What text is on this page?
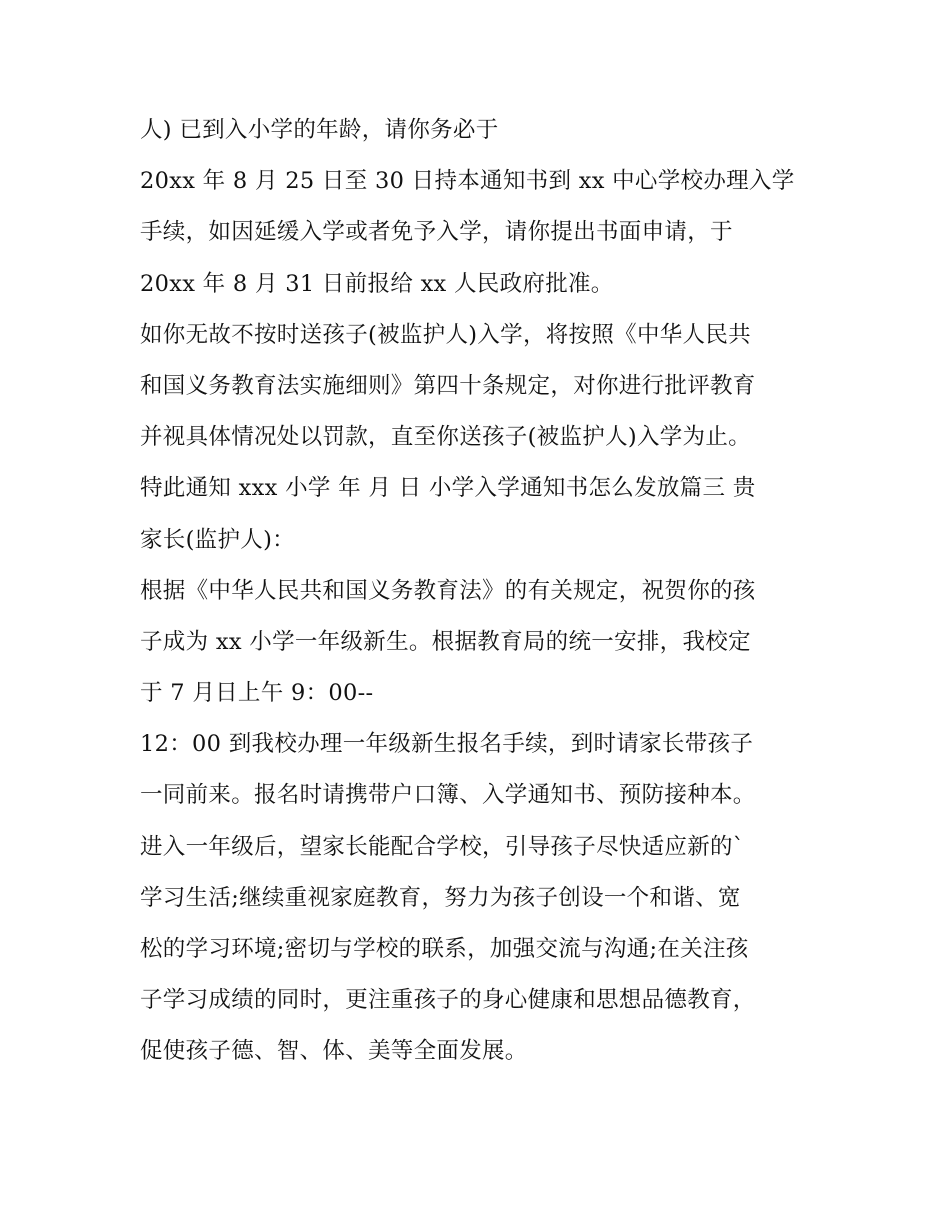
人) 已到入小学的年龄，请你务必于
20xx 年 8 月 25 日至 30 日持本通知书到 xx 中心学校办理入学
手续，如因延缓入学或者免予入学，请你提出书面申请，于
20xx 年 8 月 31 日前报给 xx 人民政府批准。
如你无故不按时送孩子(被监护人)入学，将按照《中华人民共
和国义务教育法实施细则》第四十条规定，对你进行批评教育
并视具体情况处以罚款，直至你送孩子(被监护人)入学为止。
特此通知 xxx 小学 年 月 日 小学入学通知书怎么发放篇三 贵
家长(监护人)：
根据《中华人民共和国义务教育法》的有关规定，祝贺你的孩
子成为 xx 小学一年级新生。根据教育局的统一安排，我校定
于 7 月日上午 9：00--
12：00 到我校办理一年级新生报名手续，到时请家长带孩子
一同前来。报名时请携带户口簿、入学通知书、预防接种本。
进入一年级后，望家长能配合学校，引导孩子尽快适应新的`
学习生活;继续重视家庭教育，努力为孩子创设一个和谐、宽
松的学习环境;密切与学校的联系，加强交流与沟通;在关注孩
子学习成绩的同时，更注重孩子的身心健康和思想品德教育，
促使孩子德、智、体、美等全面发展。
